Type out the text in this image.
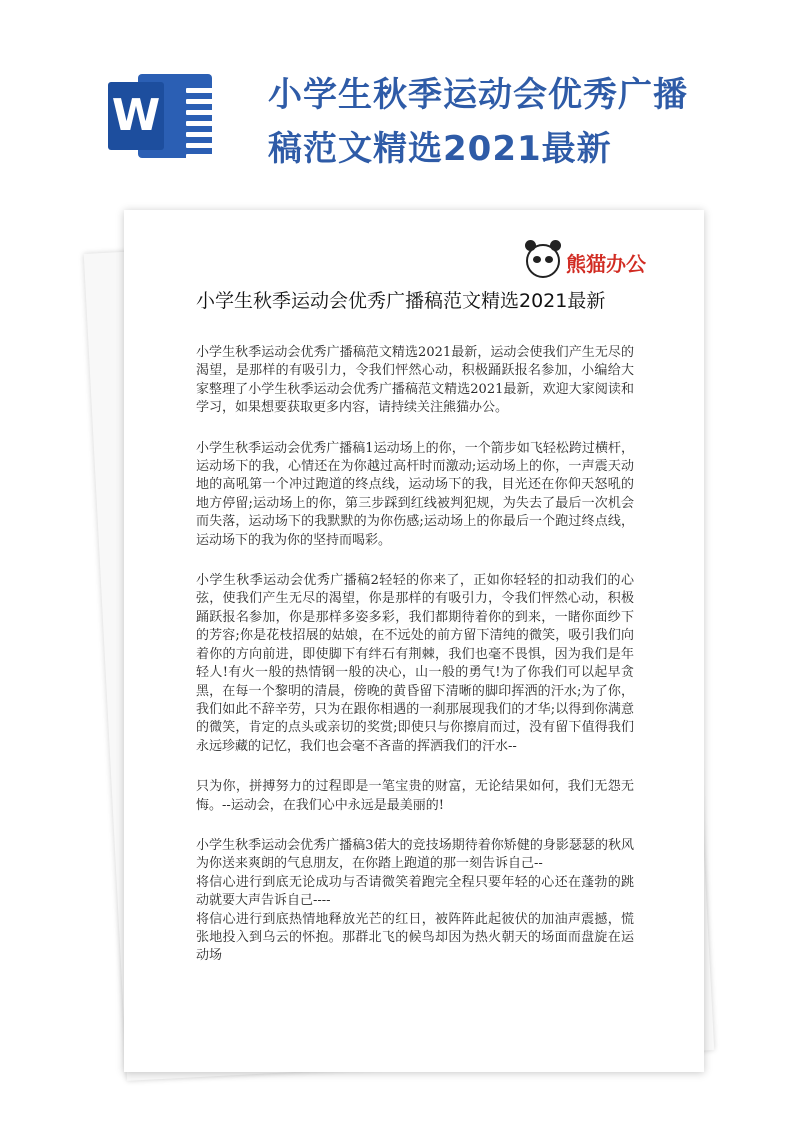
W	小学生秋季运动会优秀广播稿范文精选2021最新
熊猫办公
小学生秋季运动会优秀广播稿范文精选2021最新

小学生秋季运动会优秀广播稿范文精选2021最新，运动会使我们产生无尽的渴望，是那样的有吸引力，令我们怦然心动，积极踊跃报名参加，小编给大家整理了小学生秋季运动会优秀广播稿范文精选2021最新，欢迎大家阅读和学习，如果想要获取更多内容，请持续关注熊猫办公。

小学生秋季运动会优秀广播稿1运动场上的你，一个箭步如飞轻松跨过横杆，运动场下的我，心情还在为你越过高杆时而激动;运动场上的你，一声震天动地的高吼第一个冲过跑道的终点线，运动场下的我，目光还在你仰天怒吼的地方停留;运动场上的你，第三步踩到红线被判犯规，为失去了最后一次机会而失落，运动场下的我默默的为你伤感;运动场上的你最后一个跑过终点线，运动场下的我为你的坚持而喝彩。

小学生秋季运动会优秀广播稿2轻轻的你来了，正如你轻轻的扣动我们的心弦，使我们产生无尽的渴望，你是那样的有吸引力，令我们怦然心动，积极踊跃报名参加，你是那样多姿多彩，我们都期待着你的到来，一睹你面纱下的芳容;你是花枝招展的姑娘，在不远处的前方留下清纯的微笑，吸引我们向着你的方向前进，即使脚下有绊石有荆棘，我们也毫不畏惧，因为我们是年轻人!有火一般的热情钢一般的决心，山一般的勇气!为了你我们可以起早贪黑，在每一个黎明的清晨，傍晚的黄昏留下清晰的脚印挥洒的汗水;为了你，我们如此不辞辛劳，只为在跟你相遇的一刹那展现我们的才华;以得到你满意的微笑，肯定的点头或亲切的奖赏;即使只与你擦肩而过，没有留下值得我们永远珍藏的记忆，我们也会毫不吝啬的挥洒我们的汗水--

只为你，拼搏努力的过程即是一笔宝贵的财富，无论结果如何，我们无怨无悔。--运动会，在我们心中永远是最美丽的!

小学生秋季运动会优秀广播稿3偌大的竞技场期待着你矫健的身影瑟瑟的秋风为你送来爽朗的气息朋友，在你踏上跑道的那一刻告诉自己--
将信心进行到底无论成功与否请微笑着跑完全程只要年轻的心还在蓬勃的跳动就要大声告诉自己----
将信心进行到底热情地释放光芒的红日，被阵阵此起彼伏的加油声震撼，慌张地投入到乌云的怀抱。那群北飞的候鸟却因为热火朝天的场面而盘旋在运动场
